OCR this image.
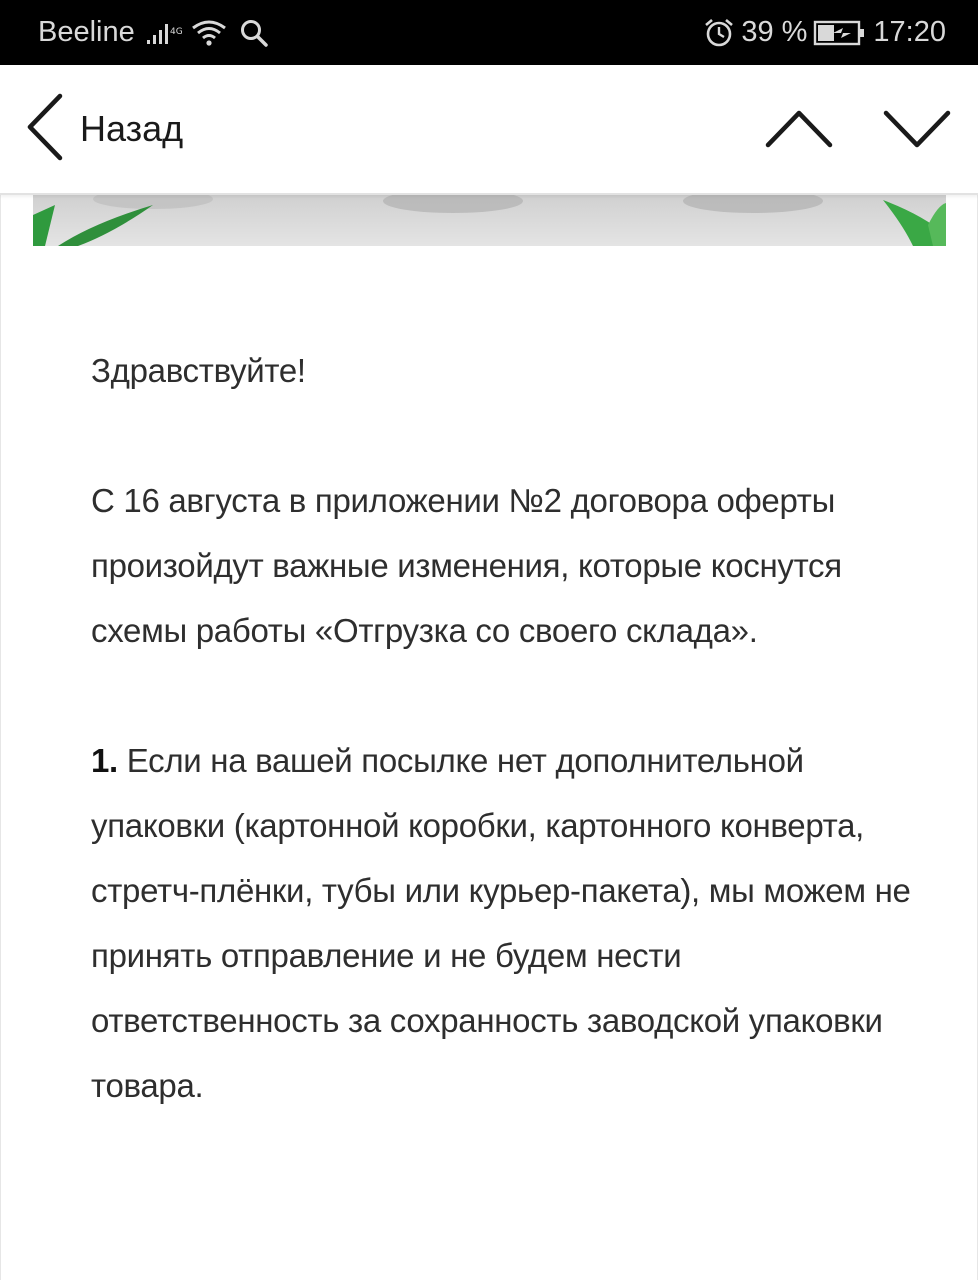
Beeline	4G	39 % 17:20
Назад

Здравствуйте!

С 16 августа в приложении №2 договора оферты произойдут важные изменения, которые коснутся схемы работы «Отгрузка со своего склада».

1. Если на вашей посылке нет дополнительной упаковки (картонной коробки, картонного конверта, стретч-плёнки, тубы или курьер-пакета), мы можем не принять отправление и не будем нести ответственность за сохранность заводской упаковки товара.
